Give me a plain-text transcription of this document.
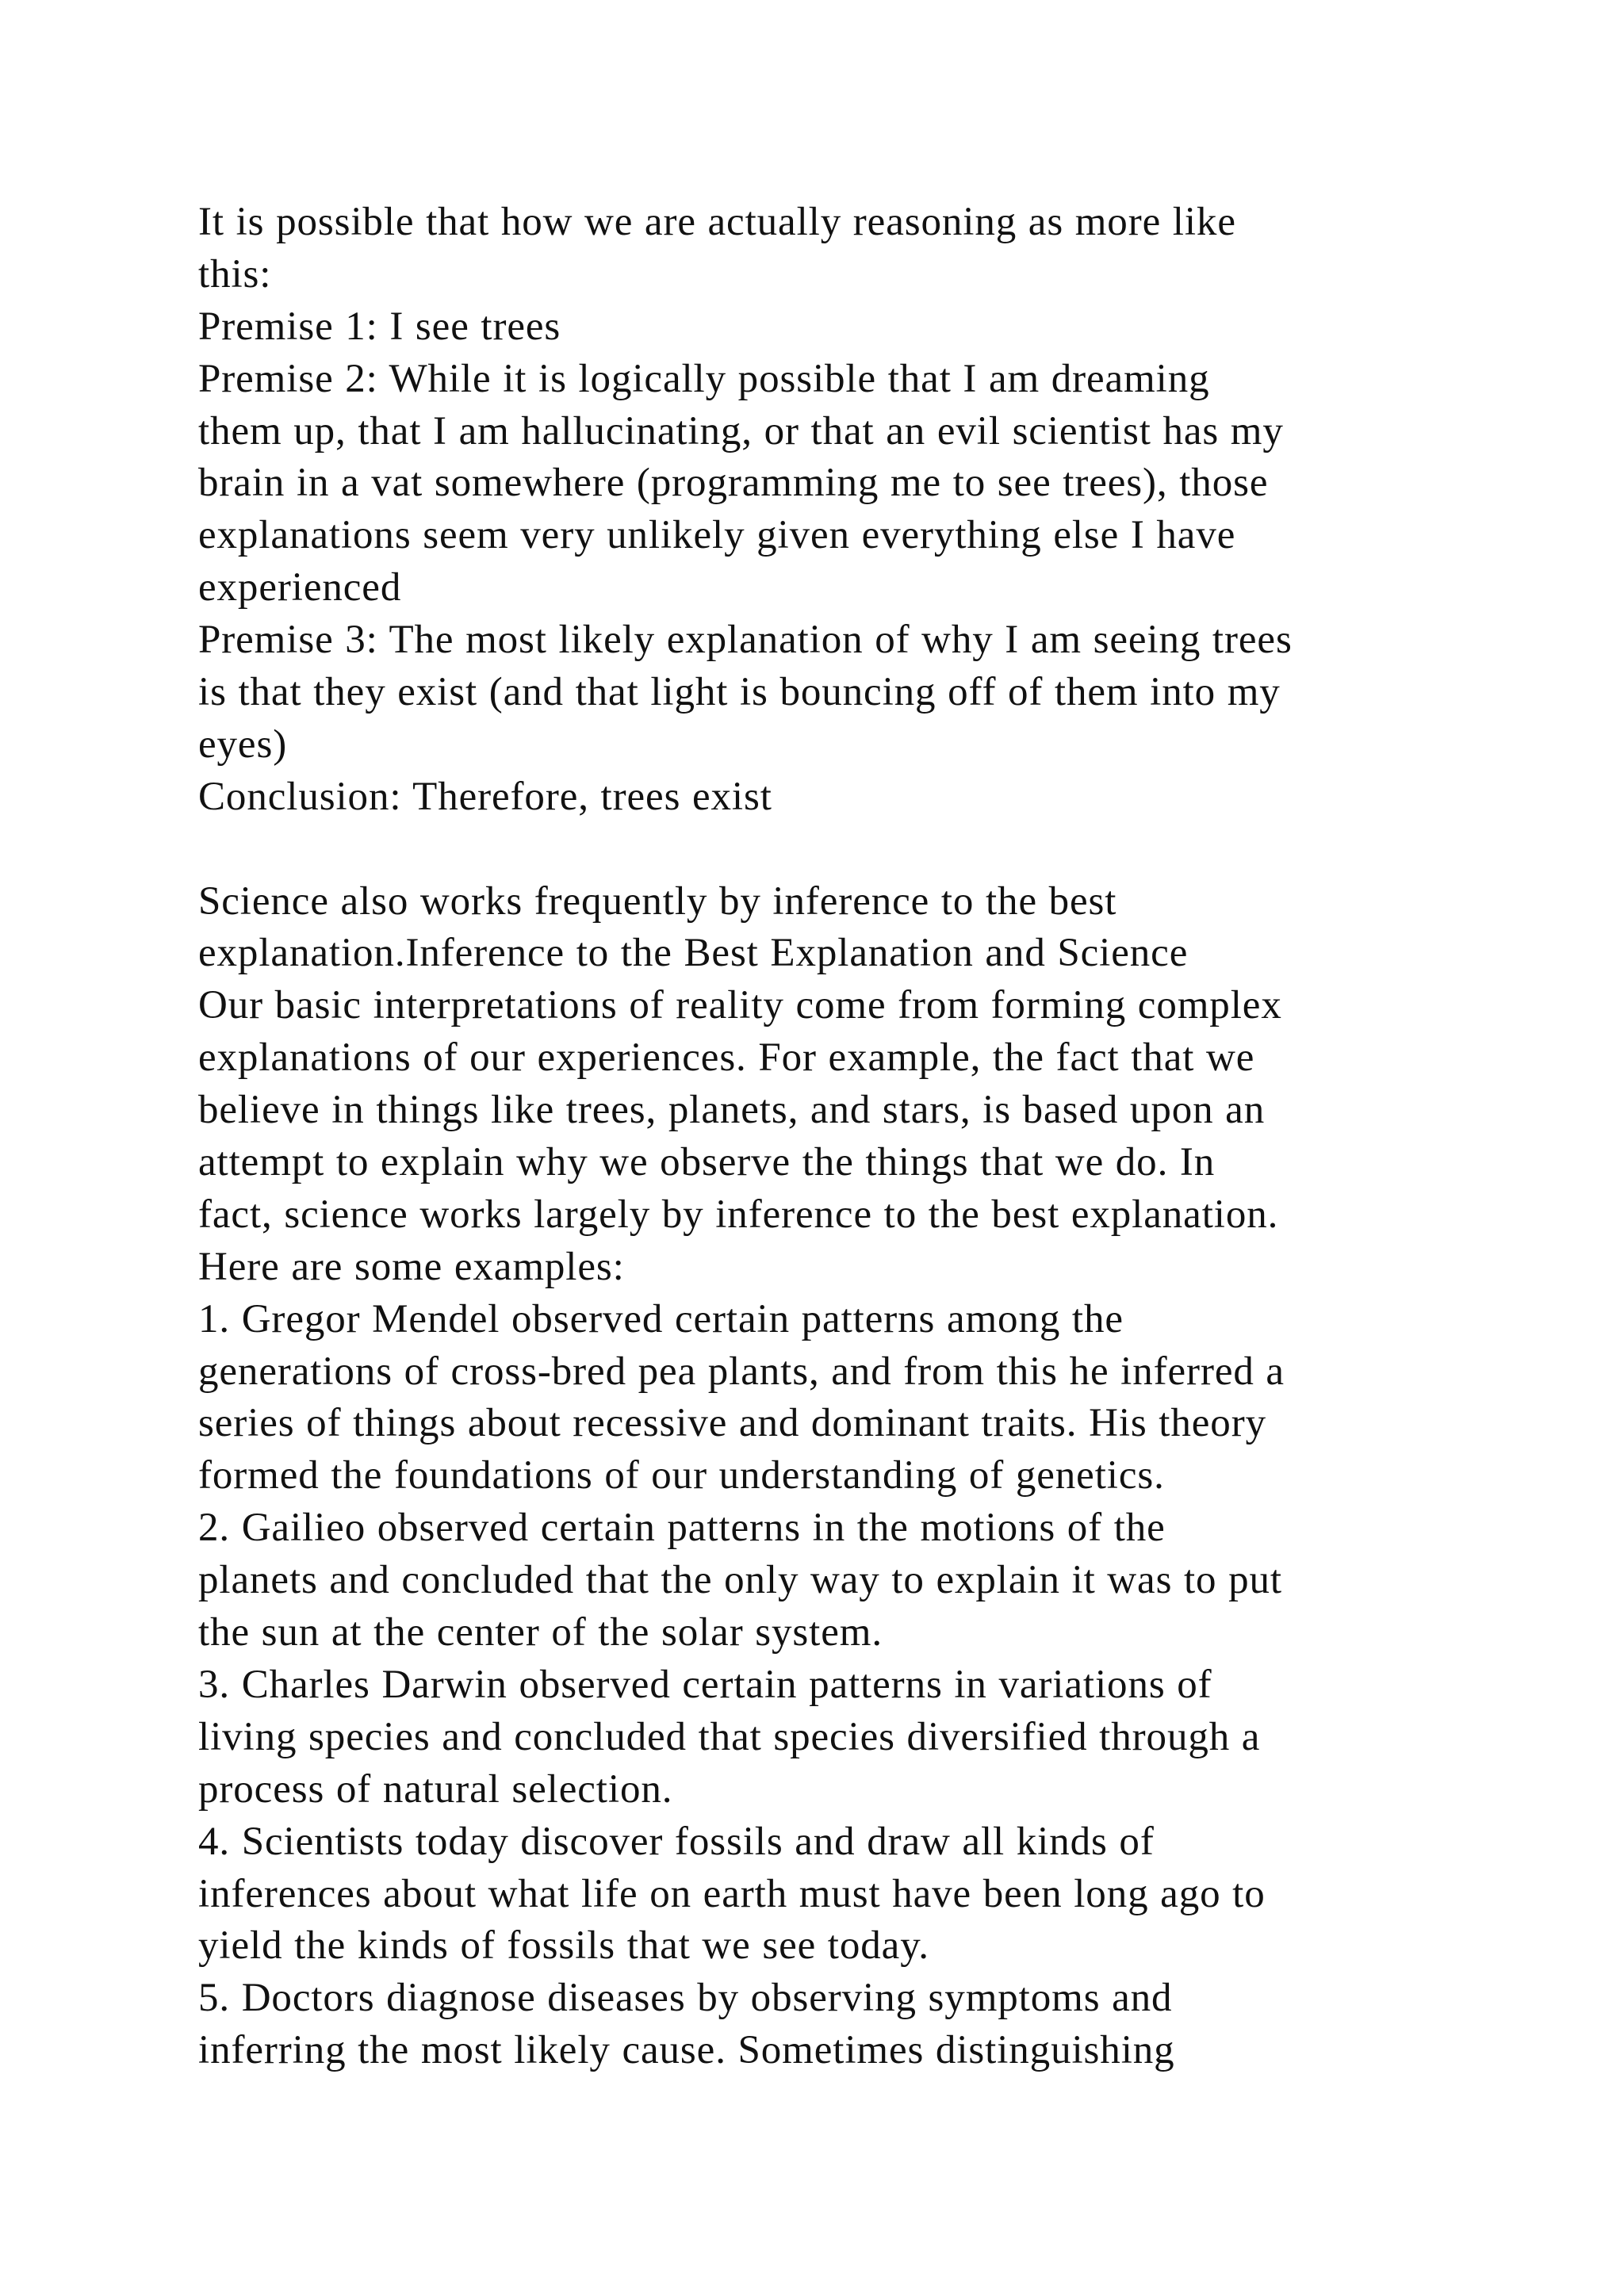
It is possible that how we are actually reasoning as more like
this:
Premise 1: I see trees
Premise 2: While it is logically possible that I am dreaming
them up, that I am hallucinating, or that an evil scientist has my
brain in a vat somewhere (programming me to see trees), those
explanations seem very unlikely given everything else I have
experienced
Premise 3: The most likely explanation of why I am seeing trees
is that they exist (and that light is bouncing off of them into my
eyes)
Conclusion: Therefore, trees exist
Science also works frequently by inference to the best
explanation.Inference to the Best Explanation and Science
Our basic interpretations of reality come from forming complex
explanations of our experiences. For example, the fact that we
believe in things like trees, planets, and stars, is based upon an
attempt to explain why we observe the things that we do. In
fact, science works largely by inference to the best explanation.
Here are some examples:
1. Gregor Mendel observed certain patterns among the
generations of cross-bred pea plants, and from this he inferred a
series of things about recessive and dominant traits. His theory
formed the foundations of our understanding of genetics.
2. Gailieo observed certain patterns in the motions of the
planets and concluded that the only way to explain it was to put
the sun at the center of the solar system.
3. Charles Darwin observed certain patterns in variations of
living species and concluded that species diversified through a
process of natural selection.
4. Scientists today discover fossils and draw all kinds of
inferences about what life on earth must have been long ago to
yield the kinds of fossils that we see today.
5. Doctors diagnose diseases by observing symptoms and
inferring the most likely cause. Sometimes distinguishing
